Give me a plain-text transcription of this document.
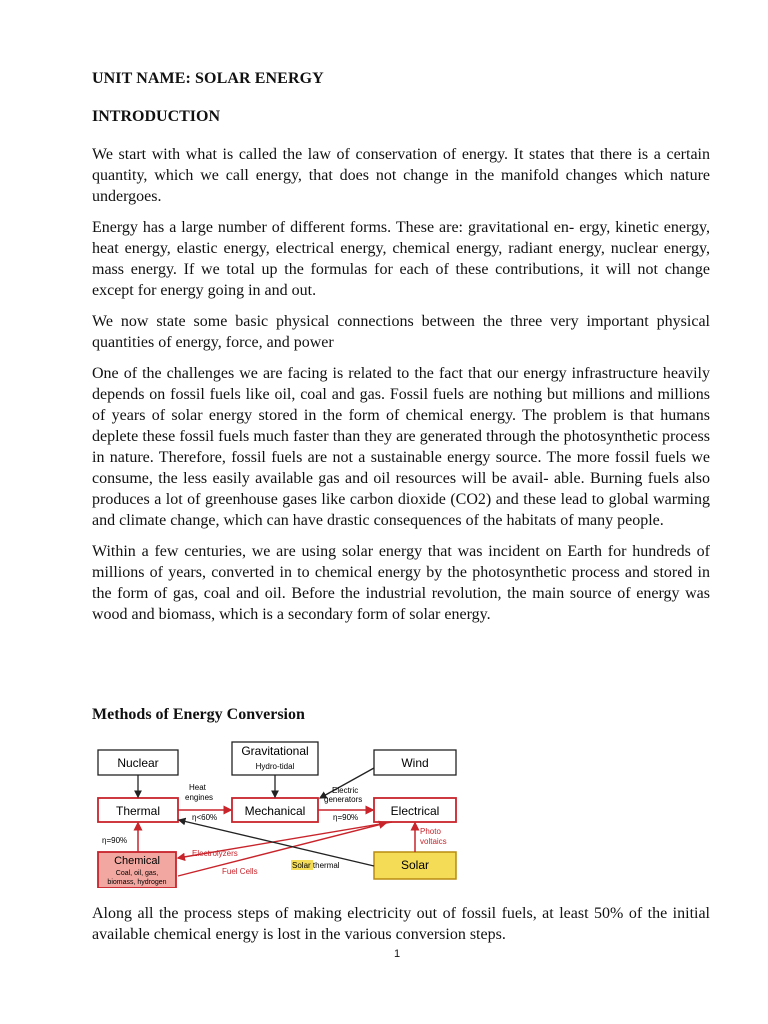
UNIT NAME: SOLAR ENERGY
INTRODUCTION

We start with what is called the law of conservation of energy. It states that there is a certain quantity, which we call energy, that does not change in the manifold changes which nature undergoes.

Energy has a large number of different forms. These are: gravitational en- ergy, kinetic energy, heat energy, elastic energy, electrical energy, chemical energy, radiant energy, nuclear energy, mass energy. If we total up the formulas for each of these contributions, it will not change except for energy going in and out.

We now state some basic physical connections between the three very important physical quantities of energy, force, and power

One of the challenges we are facing is related to the fact that our energy infrastructure heavily depends on fossil fuels like oil, coal and gas. Fossil fuels are nothing but millions and millions of years of solar energy stored in the form of chemical energy. The problem is that humans deplete these fossil fuels much faster than they are generated through the photosynthetic process in nature. Therefore, fossil fuels are not a sustainable energy source. The more fossil fuels we consume, the less easily available gas and oil resources will be avail- able. Burning fuels also produces a lot of greenhouse gases like carbon dioxide (CO2) and these lead to global warming and climate change, which can have drastic consequences of the habitats of many people.

Within a few centuries, we are using solar energy that was incident on Earth for hundreds of millions of years, converted in to chemical energy by the photosynthetic process and stored in the form of gas, coal and oil. Before the industrial revolution, the main source of energy was wood and biomass, which is a secondary form of solar energy.

Methods of Energy Conversion
Nuclear
Gravitational
Hydro-tidal	Wind
Thermal	Mechanical	Electrical
Chemical
Coal, oil, gas,
biomass, hydrogen
Solar
Heat
engines
η<60%
Electric
generators
η=90%
η=90%
Photo
voltaics
Electrolyzers
Fuel Cells
Solar thermal

Along all the process steps of making electricity out of fossil fuels, at least 50% of the initial available chemical energy is lost in the various conversion steps.

1
